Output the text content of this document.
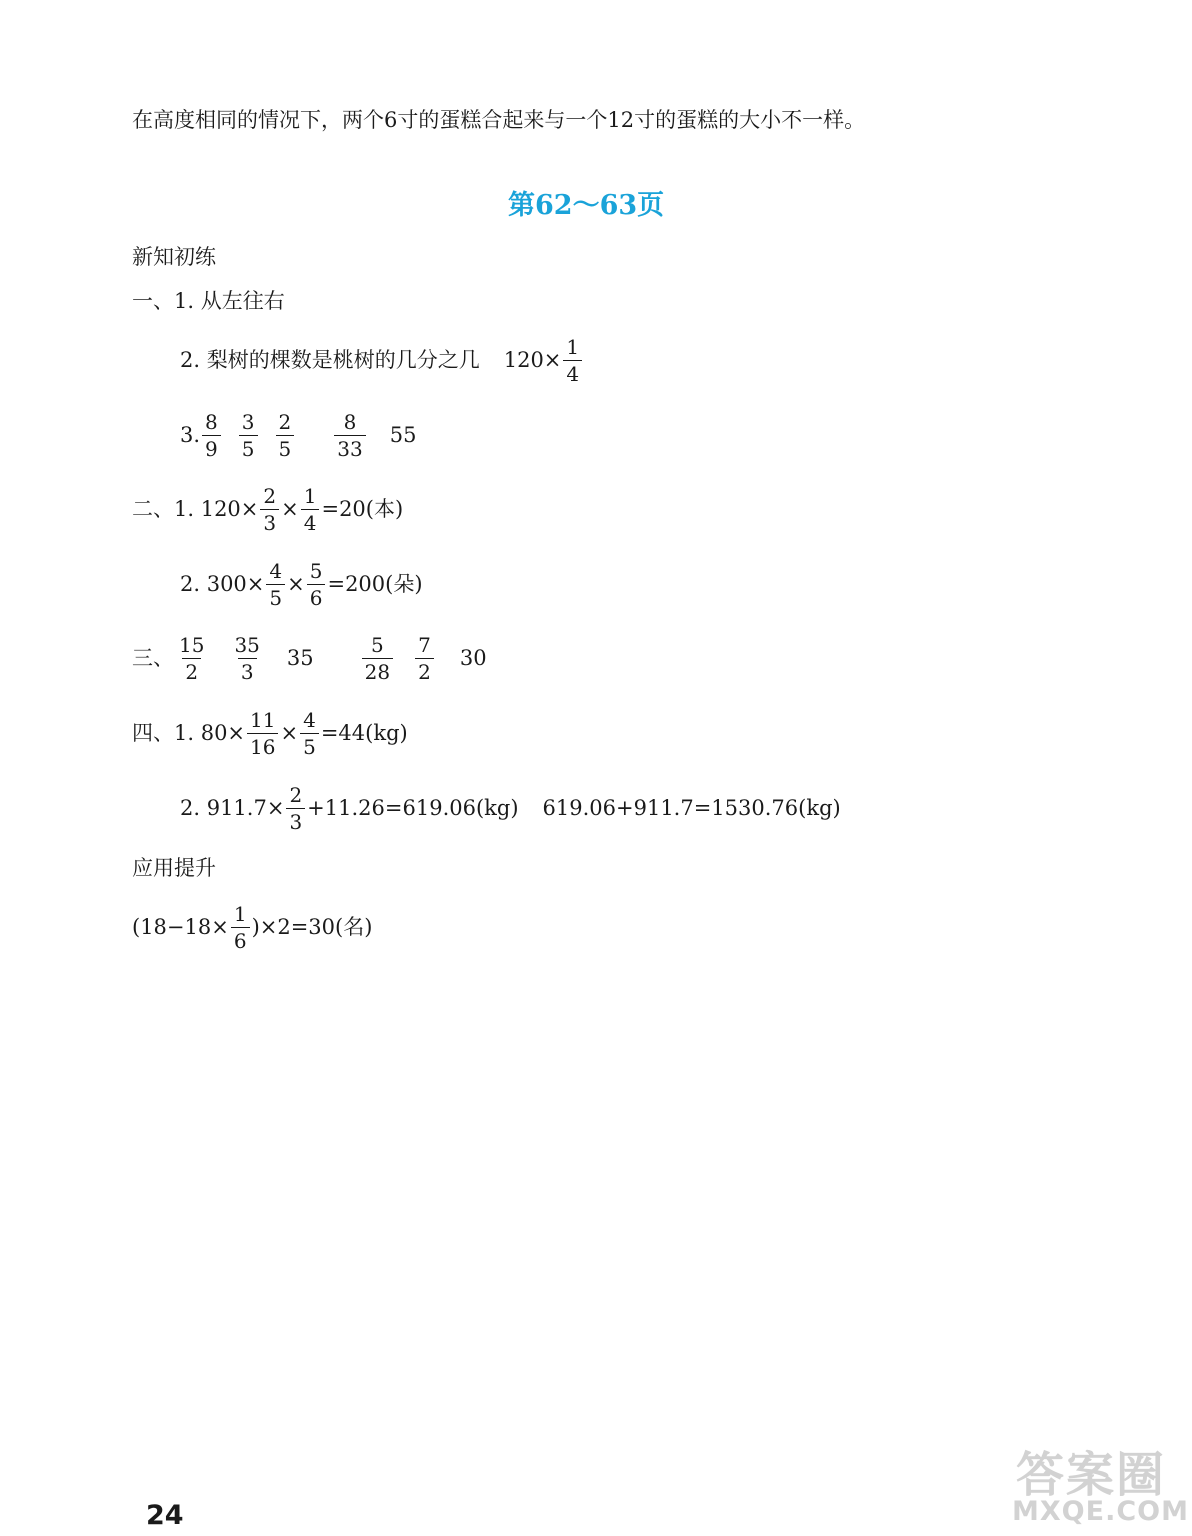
在高度相同的情况下，两个6寸的蛋糕合起来与一个12寸的蛋糕的大小不一样。
第62～63页
新知初练
一、 1. 从左往右
2. 梨树的棵数是桃树的几分之几 $120\times \frac{1}{4}$
3. $\frac{8}{9} \frac{3}{5} \frac{2}{5} \frac{8}{33} 55$
二、 1. $120\times \frac{2}{3} \times \frac{1}{4} =20$(本)
2. $300\times \frac{4}{5} \times \frac{5}{6} =200$(朵)
三、 $\frac{15}{2} \frac{35}{3} 35 \frac{5}{28} \frac{7}{2} 30$
四、 1. $80\times \frac{11}{16} \times \frac{4}{5} =44(kg)$
2. $911.7\times \frac{2}{3} +11.26=619.06(kg)$ 619.06+911.7=1530.76(kg)
应用提升
$(18-18\times \frac{1}{6} )\times 2=30$(名)
24
答案圈
MXQE.COM
